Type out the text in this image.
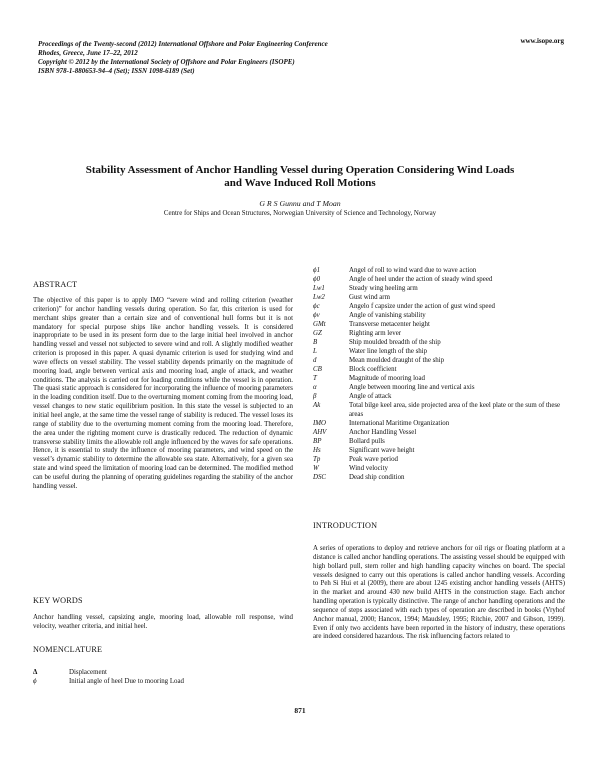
Proceedings of the Twenty-second (2012) International Offshore and Polar Engineering Conference
Rhodes, Greece, June 17–22, 2012
Copyright © 2012 by the International Society of Offshore and Polar Engineers (ISOPE)
ISBN 978-1-880653-94–4 (Set); ISSN 1098-6189 (Set)
www.isope.org
Stability Assessment of Anchor Handling Vessel during Operation Considering Wind Loads
and Wave Induced Roll Motions
G R S Gunnu and T Moan
Centre for Ships and Ocean Structures, Norwegian University of Science and Technology, Norway
ABSTRACT
The objective of this paper is to apply IMO “severe wind and rolling criterion (weather criterion)” for anchor handling vessels during operation. So far, this criterion is used for merchant ships greater than a certain size and of conventional hull forms but it is not mandatory for special purpose ships like anchor handling vessels. It is considered inappropriate to be used in its present form due to the large initial heel involved in anchor handling vessel and vessel not subjected to severe wind and roll. A slightly modified weather criterion is proposed in this paper. A quasi dynamic criterion is used for studying wind and wave effects on vessel stability. The vessel stability depends primarily on the magnitude of mooring load, angle between vertical axis and mooring load, angle of attack, and weather conditions. The analysis is carried out for loading conditions while the vessel is in operation. The quasi static approach is considered for incorporating the influence of mooring parameters in the loading condition itself. Due to the overturning moment coming from the mooring load, vessel changes to new static equilibrium position. In this state the vessel is subjected to an initial heel angle, at the same time the vessel range of stability is reduced. The vessel loses its range of stability due to the overturning moment coming from the mooring load. Therefore, the area under the righting moment curve is drastically reduced. The reduction of dynamic transverse stability limits the allowable roll angle influenced by the waves for safe operations. Hence, it is essential to study the influence of mooring parameters, and wind speed on the vessel’s dynamic stability to determine the allowable sea state. Alternatively, for a given sea state and wind speed the limitation of mooring load can be determined. The modified method can be useful during the planning of operating guidelines regarding the stability of the anchor handling vessel.
KEY WORDS
Anchor handling vessel, capsizing angle, mooring load, allowable roll response, wind velocity, weather criteria, and initial heel.
NOMENCLATURE
Δ	Displacement
ϕ	Initial angle of heel Due to mooring Load
ϕ1	Angel of roll to wind ward due to wave action
ϕ0	Angle of heel under the action of steady wind speed
Lw1	Steady wing heeling arm
Lw2	Gust wind arm
ϕc	Angelo f capsize under the action of gust wind speed
ϕv	Angle of vanishing stability
GMt	Transverse metacenter height
GZ	Righting arm lever
B	Ship moulded breadth of the ship
L	Water line length of the ship
d	Mean moulded draught of the ship
CB	Block coefficient
T	Magnitude of mooring load
α	Angle between mooring line and vertical axis
β	Angle of attack
Ak	Total bilge keel area, side projected area of the keel plate or the sum of these areas
IMO	International Maritime Organization
AHV	Anchor Handling Vessel
BP	Bollard pulls
Hs	Significant wave height
Tp	Peak wave period
W	Wind velocity
DSC	Dead ship condition
INTRODUCTION
A series of operations to deploy and retrieve anchors for oil rigs or floating platform at a distance is called anchor handling operations. The assisting vessel should be equipped with high bollard pull, stern roller and high handling capacity winches on board. The special vessels designed to carry out this operations is called anchor handling vessels. According to Peh Si Hui et al (2009), there are about 1245 existing anchor handling vessels (AHTS) in the market and around 430 new build AHTS in the construction stage. Each anchor handling operation is typically distinctive. The range of anchor handling operations and the sequence of steps associated with each types of operation are described in books (Vryhof Anchor manual, 2000; Hancox, 1994; Maudsley, 1995; Ritchie, 2007 and Gibson, 1999). Even if only two accidents have been reported in the history of industry, these operations are indeed considered hazardous. The risk influencing factors related to
871
